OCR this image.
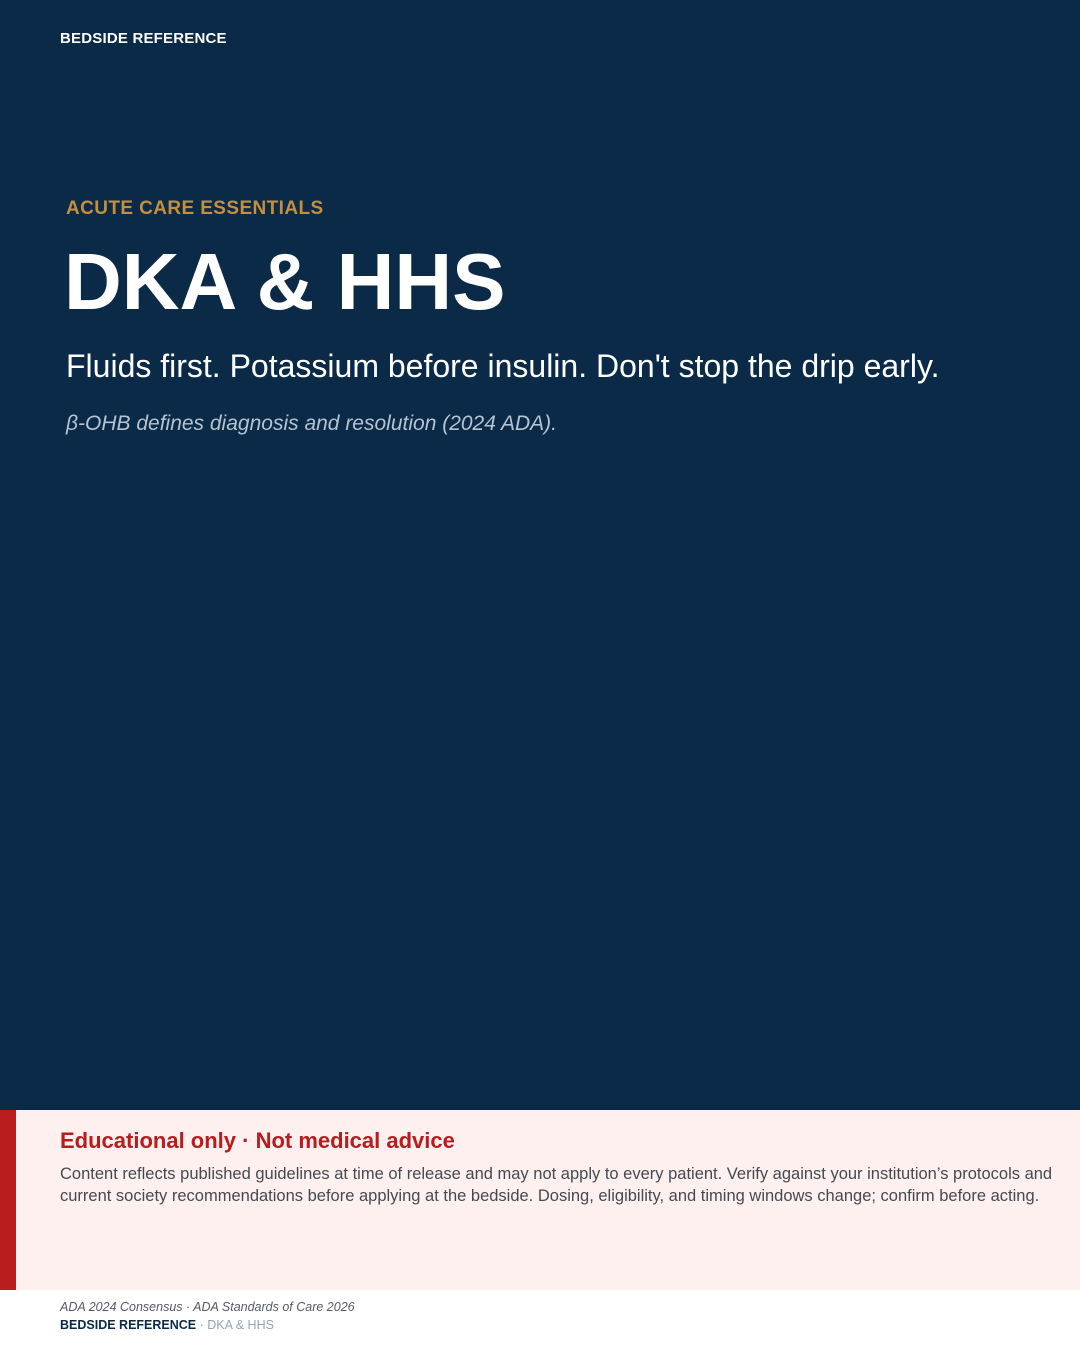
BEDSIDE REFERENCE
ACUTE CARE ESSENTIALS
DKA & HHS
Fluids first. Potassium before insulin. Don't stop the drip early.
β-OHB defines diagnosis and resolution (2024 ADA).
Educational only · Not medical advice
Content reflects published guidelines at time of release and may not apply to every patient. Verify against your institution’s protocols and current society recommendations before applying at the bedside. Dosing, eligibility, and timing windows change; confirm before acting.
ADA 2024 Consensus · ADA Standards of Care 2026
BEDSIDE REFERENCE · DKA & HHS
